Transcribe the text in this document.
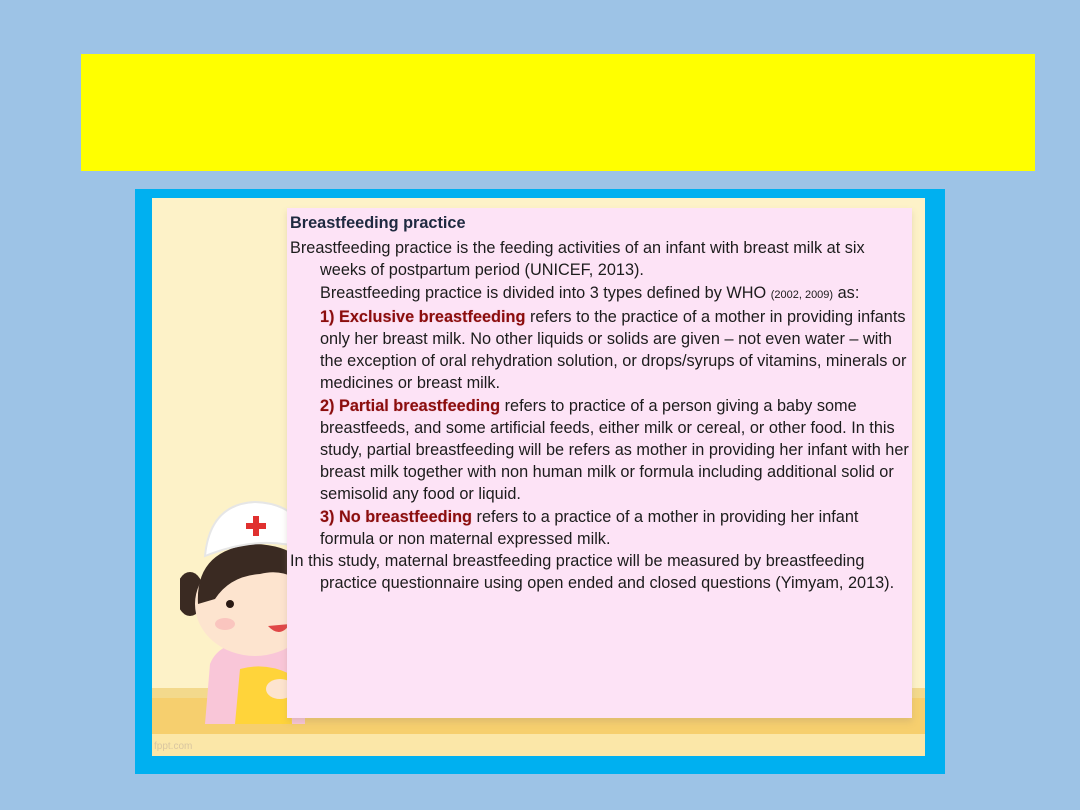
fppt.com
Breastfeeding practice

Breastfeeding practice is the feeding activities of an infant with breast milk at six weeks of postpartum period (UNICEF, 2013).

Breastfeeding practice is divided into 3 types defined by WHO (2002, 2009) as:

1) Exclusive breastfeeding refers to the practice of a mother in providing infants only her breast milk. No other liquids or solids are given – not even water – with the exception of oral rehydration solution, or drops/syrups of vitamins, minerals or medicines or breast milk.

2) Partial breastfeeding refers to practice of a person giving a baby some breastfeeds, and some artificial feeds, either milk or cereal, or other food. In this study, partial breastfeeding will be refers as mother in providing her infant with her breast milk together with non human milk or formula including additional solid or semisolid any food or liquid.

3) No breastfeeding refers to a practice of a mother in providing her infant formula or non maternal expressed milk.

In this study, maternal breastfeeding practice will be measured by breastfeeding practice questionnaire using open ended and closed questions (Yimyam, 2013).
